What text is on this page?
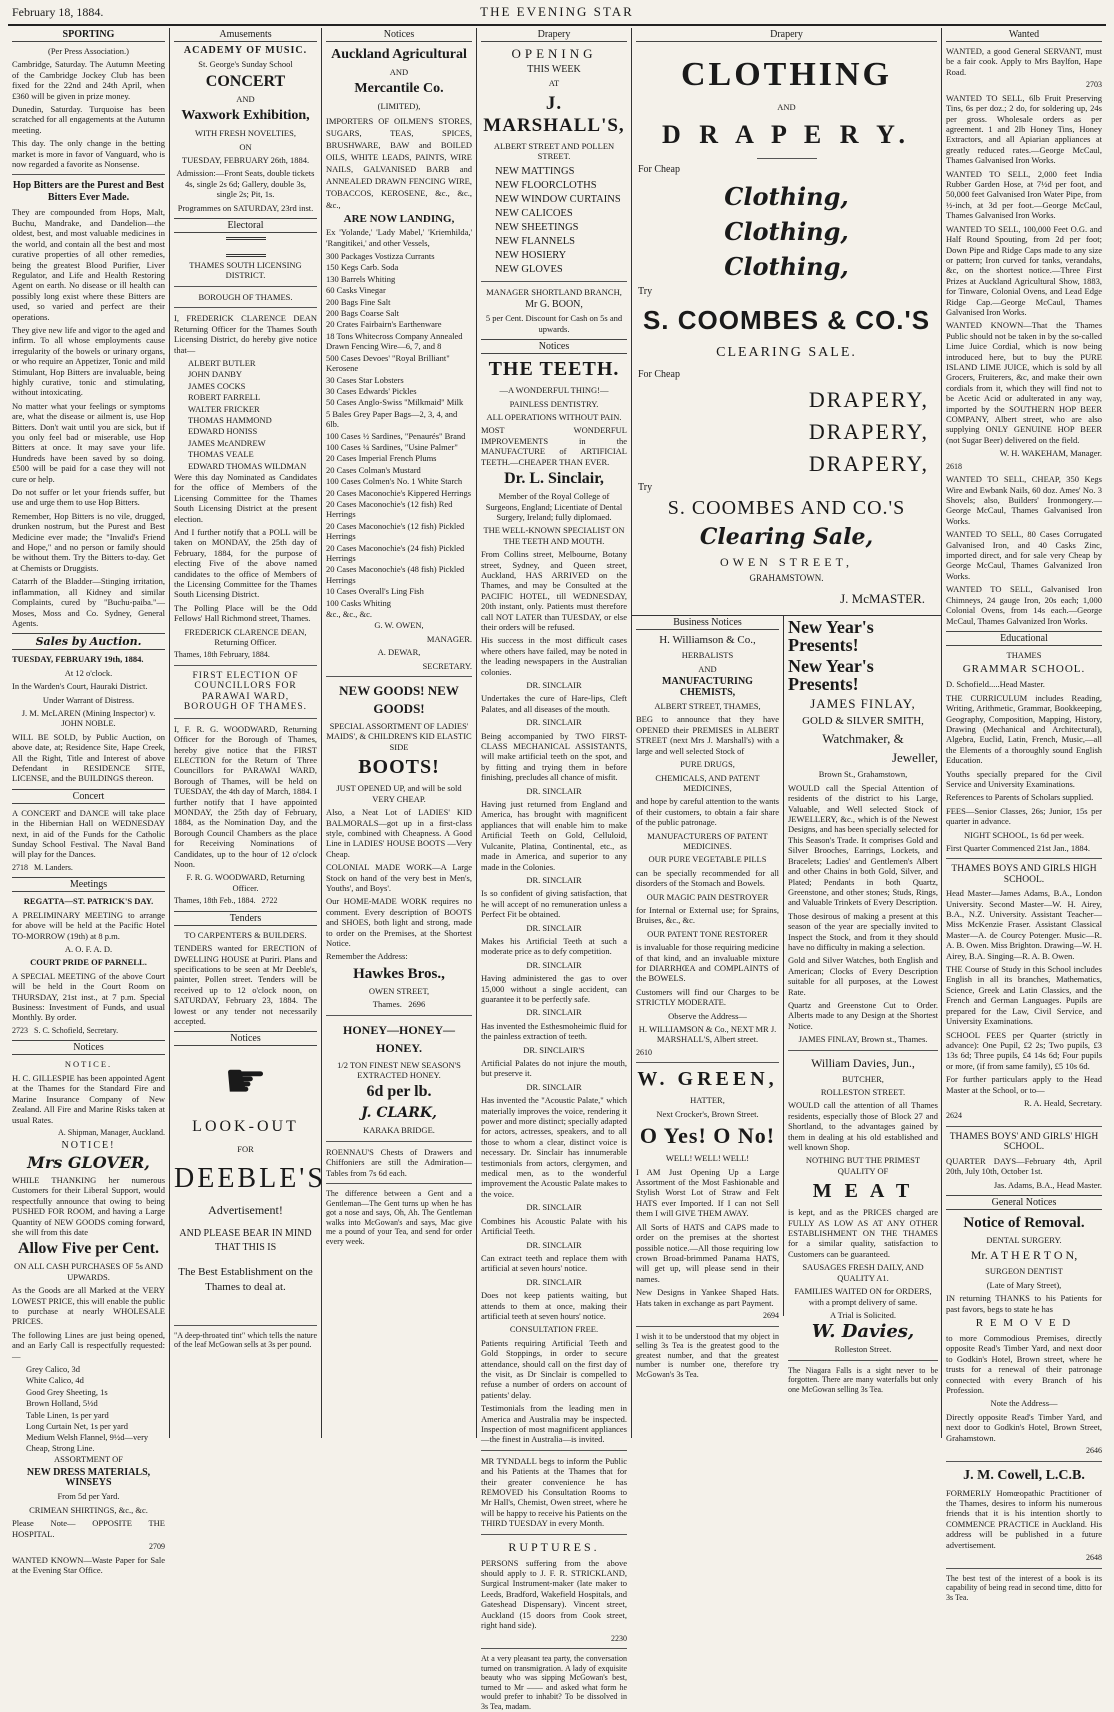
February 18, 1884.	THE EVENING STAR
SPORTING

(Per Press Association.)

Cambridge, Saturday. The Autumn Meeting of the Cambridge Jockey Club has been fixed for the 22nd and 24th April, when £360 will be given in prize money.

Dunedin, Saturday. Turquoise has been scratched for all engagements at the Autumn meeting.

This day. The only change in the betting market is more in favor of Vanguard, who is now regarded a favorite as Nonsense.

Hop Bitters are the Purest and Best Bitters Ever Made.

They are compounded from Hops, Malt, Buchu, Mandrake, and Dandelion—the oldest, best, and most valuable medicines in the world, and contain all the best and most curative properties of all other remedies, being the greatest Blood Purifier, Liver Regulator, and Life and Health Restoring Agent on earth. No disease or ill health can possibly long exist where these Bitters are used, so varied and perfect are their operations.

They give new life and vigor to the aged and infirm. To all whose employments cause irregularity of the bowels or urinary organs, or who require an Appetizer, Tonic and mild Stimulant, Hop Bitters are invaluable, being highly curative, tonic and stimulating, without intoxicating.

No matter what your feelings or symptoms are, what the disease or ailment is, use Hop Bitters. Don't wait until you are sick, but if you only feel bad or miserable, use Hop Bitters at once. It may save your life. Hundreds have been saved by so doing. £500 will be paid for a case they will not cure or help.

Do not suffer or let your friends suffer, but use and urge them to use Hop Bitters.

Remember, Hop Bitters is no vile, drugged, drunken nostrum, but the Purest and Best Medicine ever made; the "Invalid's Friend and Hope," and no person or family should be without them. Try the Bitters to-day. Get at Chemists or Druggists.

Catarrh of the Bladder—Stinging irritation, inflammation, all Kidney and similar Complaints, cured by "Buchu-paiba."—Moses, Moss and Co. Sydney, General Agents.

Sales by Auction.

TUESDAY, FEBRUARY 19th, 1884.

At 12 o'clock.

In the Warden's Court, Hauraki District.

Under Warrant of Distress.

J. M. McLAREN (Mining Inspector) v. JOHN NOBLE.

WILL BE SOLD, by Public Auction, on above date, at; Residence Site, Hape Creek, All the Right, Title and Interest of above Defendant in RESIDENCE SITE, LICENSE, and the BUILDINGS thereon.

Concert

A CONCERT and DANCE will take place in the Hibernian Hall on WEDNESDAY next, in aid of the Funds for the Catholic Sunday School Festival. The Naval Band will play for the Dances.

2718 M. Landers.

Meetings

REGATTA—ST. PATRICK'S DAY.

A PRELIMINARY MEETING to arrange for above will be held at the Pacific Hotel TO-MORROW (19th) at 8 p.m.

A. O. F. A. D.

COURT PRIDE OF PARNELL.

A SPECIAL MEETING of the above Court will be held in the Court Room on THURSDAY, 21st inst., at 7 p.m. Special Business: Investment of Funds, and usual Monthly. By order.

2723 S. C. Schofield, Secretary.

Notices

NOTICE.

H. C. GILLESPIE has been appointed Agent at the Thames for the Standard Fire and Marine Insurance Company of New Zealand. All Fire and Marine Risks taken at usual Rates.

A. Shipman, Manager, Auckland.

NOTICE!

Mrs GLOVER,

WHILE THANKING her numerous Customers for their Liberal Support, would respectfully announce that owing to being PUSHED FOR ROOM, and having a Large Quantity of NEW GOODS coming forward, she will from this date

Allow Five per Cent.

ON ALL CASH PURCHASES OF 5s AND UPWARDS.

As the Goods are all Marked at the VERY LOWEST PRICE, this will enable the public to purchase at nearly WHOLESALE PRICES.

The following Lines are just being opened, and an Early Call is respectfully requested:—

Grey Calico, 3d

White Calico, 4d

Good Grey Sheeting, 1s

Brown Holland, 5½d

Table Linen, 1s per yard

Long Curtain Net, 1s per yard

Medium Welsh Flannel, 9½d—very Cheap, Strong Line.

ASSORTMENT OF

NEW DRESS MATERIALS, WINSEYS

From 5d per Yard.

CRIMEAN SHIRTINGS, &c., &c.

Please Note— OPPOSITE THE HOSPITAL.

2709

WANTED KNOWN—Waste Paper for Sale at the Evening Star Office.

Amusements

ACADEMY OF MUSIC.

St. George's Sunday School

CONCERT

AND

Waxwork Exhibition,

WITH FRESH NOVELTIES,

ON

TUESDAY, FEBRUARY 26th, 1884.

Admission:—Front Seats, double tickets 4s, single 2s 6d; Gallery, double 3s, single 2s; Pit, 1s.

Programmes on SATURDAY, 23rd inst.

Electoral

THAMES SOUTH LICENSING DISTRICT.

BOROUGH OF THAMES.

I, FREDERICK CLARENCE DEAN Returning Officer for the Thames South Licensing District, do hereby give notice that—

ALBERT BUTLER

JOHN DANBY

JAMES COCKS

ROBERT FARRELL

WALTER FRICKER

THOMAS HAMMOND

EDWARD HONISS

JAMES McANDREW

THOMAS VEALE

EDWARD THOMAS WILDMAN

Were this day Nominated as Candidates for the office of Members of the Licensing Committee for the Thames South Licensing District at the present election.

And I further notify that a POLL will be taken on MONDAY, the 25th day of February, 1884, for the purpose of electing Five of the above named candidates to the office of Members of the Licensing Committee for the Thames South Licensing District.

The Polling Place will be the Odd Fellows' Hall Richmond street, Thames.

FREDERICK CLARENCE DEAN, Returning Officer.

Thames, 18th February, 1884.

FIRST ELECTION OF COUNCILLORS FOR PARAWAI WARD, BOROUGH OF THAMES.

I, F. R. G. WOODWARD, Returning Officer for the Borough of Thames, hereby give notice that the FIRST ELECTION for the Return of Three Councillors for PARAWAI WARD, Borough of Thames, will be held on TUESDAY, the 4th day of March, 1884. I further notify that I have appointed MONDAY, the 25th day of February, 1884, as the Nomination Day, and the Borough Council Chambers as the place for Receiving Nominations of Candidates, up to the hour of 12 o'clock Noon.

F. R. G. WOODWARD, Returning Officer.

Thames, 18th Feb., 1884. 2722

Tenders

TO CARPENTERS & BUILDERS.

TENDERS wanted for ERECTION of DWELLING HOUSE at Puriri. Plans and specifications to be seen at Mr Deeble's, painter, Pollen street. Tenders will be received up to 12 o'clock noon, on SATURDAY, February 23, 1884. The lowest or any tender not necessarily accepted.

Notices
☛

LOOK-OUT

FOR

DEEBLE'S

Advertisement!

AND PLEASE BEAR IN MIND THAT THIS IS

The Best Establishment on the Thames to deal at.

"A deep-throated tint" which tells the nature of the leaf McGowan sells at 3s per pound.

Notices

Auckland Agricultural

AND

Mercantile Co.

(LIMITED),

IMPORTERS OF OILMEN'S STORES, SUGARS, TEAS, SPICES, BRUSHWARE, BAW and BOILED OILS, WHITE LEADS, PAINTS, WIRE NAILS, GALVANISED BARB and ANNEALED DRAWN FENCING WIRE, TOBACCOS, KEROSENE, &c., &c., &c.,

ARE NOW LANDING,

Ex 'Yolande,' 'Lady Mabel,' 'Kriemhilda,' 'Rangitikei,' and other Vessels,

300 Packages Vostizza Currants

150 Kegs Carb. Soda

130 Barrels Whiting

60 Casks Vinegar

200 Bags Fine Salt

200 Bags Coarse Salt

20 Crates Fairbairn's Earthenware

18 Tons Whitecross Company Annealed Drawn Fencing Wire—6, 7, and 8

500 Cases Devoes' "Royal Brilliant" Kerosene

30 Cases Star Lobsters

30 Cases Edwards' Pickles

50 Cases Anglo-Swiss "Milkmaid" Milk

5 Bales Grey Paper Bags—2, 3, 4, and 6lb.

100 Cases ½ Sardines, "Penaurés" Brand

100 Cases ¼ Sardines, "Usine Palmer"

20 Cases Imperial French Plums

20 Cases Colman's Mustard

100 Cases Colmen's No. 1 White Starch

20 Cases Maconochie's Kippered Herrings

20 Cases Maconochie's (12 fish) Red Herrings

20 Cases Maconochie's (12 fish) Pickled Herrings

20 Cases Maconochie's (24 fish) Pickled Herrings

20 Cases Maconochie's (48 fish) Pickled Herrings

10 Cases Overall's Ling Fish

100 Casks Whiting

&c., &c., &c.

G. W. OWEN,

MANAGER.

A. DEWAR,

SECRETARY.

NEW GOODS! NEW GOODS!

SPECIAL ASSORTMENT OF LADIES' MAIDS', & CHILDREN'S KID ELASTIC SIDE

BOOTS!

JUST OPENED UP, and will be sold VERY CHEAP.

Also, a Neat Lot of LADIES' KID BALMORALS—got up in a first-class style, combined with Cheapness. A Good Line in LADIES' HOUSE BOOTS —Very Cheap.

COLONIAL MADE WORK—A Large Stock on hand of the very best in Men's, Youths', and Boys'.

Our HOME-MADE WORK requires no comment. Every description of BOOTS and SHOES, both light and strong, made to order on the Premises, at the Shortest Notice.

Remember the Address:

Hawkes Bros.,

OWEN STREET,

Thames. 2696

HONEY—HONEY—HONEY.

1/2 TON FINEST NEW SEASON'S EXTRACTED HONEY.

6d per lb.

J. CLARK,

KARAKA BRIDGE.

ROENNAU'S Chests of Drawers and Chiffoniers are still the Admiration—Tables from 7s 6d each.

The difference between a Gent and a Gentleman—The Gent turns up when he has got a nose and says, Oh, Ah. The Gentleman walks into McGowan's and says, Mac give me a pound of your Tea, and send for order every week.

Drapery

OPENING

THIS WEEK

AT

J. MARSHALL'S,

ALBERT STREET AND POLLEN STREET.

NEW MATTINGS

NEW FLOORCLOTHS

NEW WINDOW CURTAINS

NEW CALICOES

NEW SHEETINGS

NEW FLANNELS

NEW HOSIERY

NEW GLOVES

MANAGER SHORTLAND BRANCH,

Mr G. BOON,

5 per Cent. Discount for Cash on 5s and upwards.

Notices

THE TEETH.

—A WONDERFUL THING!—

PAINLESS DENTISTRY.

ALL OPERATIONS WITHOUT PAIN.

MOST WONDERFUL IMPROVEMENTS in the MANUFACTURE of ARTIFICIAL TEETH.—CHEAPER THAN EVER.

Dr. L. Sinclair,

Member of the Royal College of Surgeons, England; Licentiate of Dental Surgery, Ireland; fully diplomaed.

THE WELL-KNOWN SPECIALIST ON THE TEETH AND MOUTH.

From Collins street, Melbourne, Botany street, Sydney, and Queen street, Auckland, HAS ARRIVED on the Thames, and may be Consulted at the PACIFIC HOTEL, till WEDNESDAY, 20th instant, only. Patients must therefore call NOT LATER than TUESDAY, or else their orders will be refused.

His success in the most difficult cases where others have failed, may be noted in the leading newspapers in the Australian colonies.

DR. SINCLAIR

Undertakes the cure of Hare-lips, Cleft Palates, and all diseases of the mouth.

DR. SINCLAIR

Being accompanied by TWO FIRST-CLASS MECHANICAL ASSISTANTS, will make artificial teeth on the spot, and by fitting and trying them in before finishing, precludes all chance of misfit.

DR. SINCLAIR

Having just returned from England and America, has brought with magnificent appliances that will enable him to make Artificial Teeth on Gold, Celluloid, Vulcanite, Platina, Continental, etc., as made in America, and superior to any made in the Colonies.

DR. SINCLAIR

Is so confident of giving satisfaction, that he will accept of no remuneration unless a Perfect Fit be obtained.

DR. SINCLAIR

Makes his Artificial Teeth at such a moderate price as to defy competition.

DR. SINCLAIR

Having administered the gas to over 15,000 without a single accident, can guarantee it to be perfectly safe.

DR. SINCLAIR

Has invented the Esthesmoheimic fluid for the painless extraction of teeth.

DR. SINCLAIR'S

Artificial Palates do not injure the mouth, but preserve it.

DR. SINCLAIR

Has invented the "Acoustic Palate," which materially improves the voice, rendering it power and more distinct; specially adapted for actors, actresses, speakers, and to all those to whom a clear, distinct voice is necessary. Dr. Sinclair has innumerable testimonials from actors, clergymen, and medical men, as to the wonderful improvement the Acoustic Palate makes to the voice.

DR. SINCLAIR

Combines his Acoustic Palate with his Artificial Teeth.

DR. SINCLAIR

Can extract teeth and replace them with artificial at seven hours' notice.

DR. SINCLAIR

Does not keep patients waiting, but attends to them at once, making their artificial teeth at seven hours' notice.

CONSULTATION FREE.

Patients requiring Artificial Teeth and Gold Stoppings, in order to secure attendance, should call on the first day of the visit, as Dr Sinclair is compelled to refuse a number of orders on account of patients' delay.

Testimonials from the leading men in America and Australia may be inspected. Inspection of most magnificent appliances—the finest in Australia—is invited.

MR TYNDALL begs to inform the Public and his Patients at the Thames that for their greater convenience he has REMOVED his Consultation Rooms to Mr Hall's, Chemist, Owen street, where he will be happy to receive his Patients on the THIRD TUESDAY in every Month.

RUPTURES.

PERSONS suffering from the above should apply to J. F. R. STRICKLAND, Surgical Instrument-maker (late maker to Leeds, Bradford, Wakefield Hospitals, and Gateshead Dispensary). Vincent street, Auckland (15 doors from Cook street, right hand side).

2230

At a very pleasant tea party, the conversation turned on transmigration. A lady of exquisite beauty who was sipping McGowan's best, turned to Mr —— and asked what form he would prefer to inhabit? To be dissolved in 3s Tea, madam.

Drapery

CLOTHING

AND

D R A P E R Y.

For Cheap

Clothing,

Clothing,

Clothing,

Try

S. COOMBES & CO.'S

CLEARING SALE.

For Cheap

DRAPERY,

DRAPERY,

DRAPERY,

Try

S. COOMBES AND CO.'S

Clearing Sale,

OWEN STREET,

GRAHAMSTOWN.

J. McMASTER.

Business Notices

H. Williamson & Co.,

HERBALISTS

AND

MANUFACTURING CHEMISTS,

ALBERT STREET, THAMES,

BEG to announce that they have OPENED their PREMISES in ALBERT STREET (next Mrs J. Marshall's) with a large and well selected Stock of

PURE DRUGS,

CHEMICALS, AND PATENT MEDICINES,

and hope by careful attention to the wants of their customers, to obtain a fair share of the public patronage.

MANUFACTURERS OF PATENT MEDICINES.

OUR PURE VEGETABLE PILLS

can be specially recommended for all disorders of the Stomach and Bowels.

OUR MAGIC PAIN DESTROYER

for Internal or External use; for Sprains, Bruises, &c., &c.

OUR PATENT TONE RESTORER

is invaluable for those requiring medicine of that kind, and an invaluable mixture for DIARRHŒA and COMPLAINTS of the BOWELS.

Customers will find our Charges to be STRICTLY MODERATE.

Observe the Address—

H. WILLIAMSON & Co., NEXT MR J. MARSHALL'S, Albert street.

2610

W. GREEN,

HATTER,

Next Crocker's, Brown Street.

O Yes! O No!

WELL! WELL! WELL!

I AM Just Opening Up a Large Assortment of the Most Fashionable and Stylish Worst Lot of Straw and Felt HATS ever Imported. If I can not Sell them I will GIVE THEM AWAY.

All Sorts of HATS and CAPS made to order on the premises at the shortest possible notice.—All those requiring low crown Broad-brimmed Panama HATS, will get up, will please send in their names.

New Designs in Yankee Shaped Hats. Hats taken in exchange as part Payment.

2694

I wish it to be understood that my object in selling 3s Tea is the greatest good to the greatest number, and that the greatest number is number one, therefore try McGowan's 3s Tea.

New Year's Presents!

New Year's Presents!

JAMES FINLAY,

GOLD & SILVER SMITH,

Watchmaker, &

Jeweller,

Brown St., Grahamstown,

WOULD call the Special Attention of residents of the district to his Large, Valuable, and Well selected Stock of JEWELLERY, &c., which is of the Newest Designs, and has been specially selected for This Season's Trade. It comprises Gold and Silver Brooches, Earrings, Lockets, and Bracelets; Ladies' and Gentlemen's Albert and other Chains in both Gold, Silver, and Plated; Pendants in both Quartz, Greenstone, and other stones; Studs, Rings, and Valuable Trinkets of Every Description.

Those desirous of making a present at this season of the year are specially invited to Inspect the Stock, and from it they should have no difficulty in making a selection.

Gold and Silver Watches, both English and American; Clocks of Every Description suitable for all purposes, at the Lowest Rate.

Quartz and Greenstone Cut to Order. Alberts made to any Design at the Shortest Notice.

JAMES FINLAY, Brown st., Thames.

William Davies, Jun.,

BUTCHER,

ROLLESTON STREET.

WOULD call the attention of all Thames residents, especially those of Block 27 and Shortland, to the advantages gained by them in dealing at his old established and well known Shop.

NOTHING BUT THE PRIMEST QUALITY OF

M E A T

is kept, and as the PRICES charged are FULLY AS LOW AS AT ANY OTHER ESTABLISHMENT ON THE THAMES for a similar quality, satisfaction to Customers can be guaranteed.

SAUSAGES FRESH DAILY, AND QUALITY A1.

FAMILIES WAITED ON for ORDERS, with a prompt delivery of same.

A Trial is Solicited.

W. Davies,

Rolleston Street.

The Niagara Falls is a sight never to be forgotten. There are many waterfalls but only one McGowan selling 3s Tea.

Wanted

WANTED, a good General SERVANT, must be a fair cook. Apply to Mrs Baylfon, Hape Road.

2703

WANTED TO SELL, 6lb Fruit Preserving Tins, 6s per doz.; 2 do, for soldering up, 24s per gross. Wholesale orders as per agreement. 1 and 2lb Honey Tins, Honey Extractors, and all Apiarian appliances at greatly reduced rates.—George McCaul, Thames Galvanised Iron Works.

WANTED TO SELL, 2,000 feet India Rubber Garden Hose, at 7½d per foot, and 50,000 feet Galvanised Iron Water Pipe, from ½-inch, at 3d per foot.—George McCaul, Thames Galvanised Iron Works.

WANTED TO SELL, 100,000 Feet O.G. and Half Round Spouting, from 2d per foot; Down Pipe and Ridge Caps made to any size or pattern; Iron curved for tanks, verandahs, &c, on the shortest notice.—Three First Prizes at Auckland Agricultural Show, 1883, for Tinware, Colonial Ovens, and Lead Edge Ridge Cap.—George McCaul, Thames Galvanised Iron Works.

WANTED KNOWN—That the Thames Public should not be taken in by the so-called Lime Juice Cordial, which is now being introduced here, but to buy the PURE ISLAND LIME JUICE, which is sold by all Grocers, Fruiterers, &c, and make their own cordials from it, which they will find not to be Acetic Acid or adulterated in any way, imported by the SOUTHERN HOP BEER COMPANY, Albert street, who are also supplying ONLY GENUINE HOP BEER (not Sugar Beer) delivered on the field.

W. H. WAKEHAM, Manager.

2618

WANTED TO SELL, CHEAP, 350 Kegs Wire and Ewbank Nails, 60 doz. Ames' No. 3 Shovels; also, Builders' Ironmongery.—George McCaul, Thames Galvanised Iron Works.

WANTED TO SELL, 80 Cases Corrugated Galvanised Iron, and 40 Casks Zinc, imported direct, and for sale very Cheap by George McCaul, Thames Galvanized Iron Works.

WANTED TO SELL, Galvanised Iron Chimneys, 24 gauge Iron, 20s each; 1,000 Colonial Ovens, from 14s each.—George McCaul, Thames Galvanized Iron Works.

Educational

THAMES

GRAMMAR SCHOOL.

D. Schofield.....Head Master.

THE CURRICULUM includes Reading, Writing, Arithmetic, Grammar, Bookkeeping, Geography, Composition, Mapping, History, Drawing (Mechanical and Architectural), Algebra, Euclid, Latin, French, Music,—all the Elements of a thoroughly sound English Education.

Youths specially prepared for the Civil Service and University Examinations.

References to Parents of Scholars supplied.

FEES—Senior Classes, 26s; Junior, 15s per quarter in advance.

NIGHT SCHOOL, 1s 6d per week.

First Quarter Commenced 21st Jan., 1884.

THAMES BOYS AND GIRLS HIGH SCHOOL.

Head Master—James Adams, B.A., London University. Second Master—W. H. Airey, B.A., N.Z. University. Assistant Teacher—Miss McKenzie Fraser. Assistant Classical Master—A. de Courcy Potenger. Music—R. A. B. Owen. Miss Brighton. Drawing—W. H. Airey, B.A. Singing—R. A. B. Owen.

THE Course of Study in this School includes English in all its branches, Mathematics, Science, Greek and Latin Classics, and the French and German Languages. Pupils are prepared for the Law, Civil Service, and University Examinations.

SCHOOL FEES per Quarter (strictly in advance): One Pupil, £2 2s; Two pupils, £3 13s 6d; Three pupils, £4 14s 6d; Four pupils or more, (if from same family), £5 10s 6d.

For further particulars apply to the Head Master at the School, or to—

R. A. Heald, Secretary.

2624

THAMES BOYS' AND GIRLS' HIGH SCHOOL.

QUARTER DAYS—February 4th, April 20th, July 10th, October 1st.

Jas. Adams, B.A., Head Master.

General Notices

Notice of Removal.

DENTAL SURGERY.

Mr. A T H E R T O N,

SURGEON DENTIST

(Late of Mary Street),

IN returning THANKS to his Patients for past favors, begs to state he has

R E M O V E D

to more Commodious Premises, directly opposite Read's Timber Yard, and next door to Godkin's Hotel, Brown street, where he trusts for a renewal of their patronage connected with every Branch of his Profession.

Note the Address—

Directly opposite Read's Timber Yard, and next door to Godkin's Hotel, Brown Street, Grahamstown.

2646

J. M. Cowell, L.C.B.

FORMERLY Homœopathic Practitioner of the Thames, desires to inform his numerous friends that it is his intention shortly to COMMENCE PRACTICE in Auckland. His address will be published in a future advertisement.

2648

The best test of the interest of a book is its capability of being read in second time, ditto for 3s Tea.
